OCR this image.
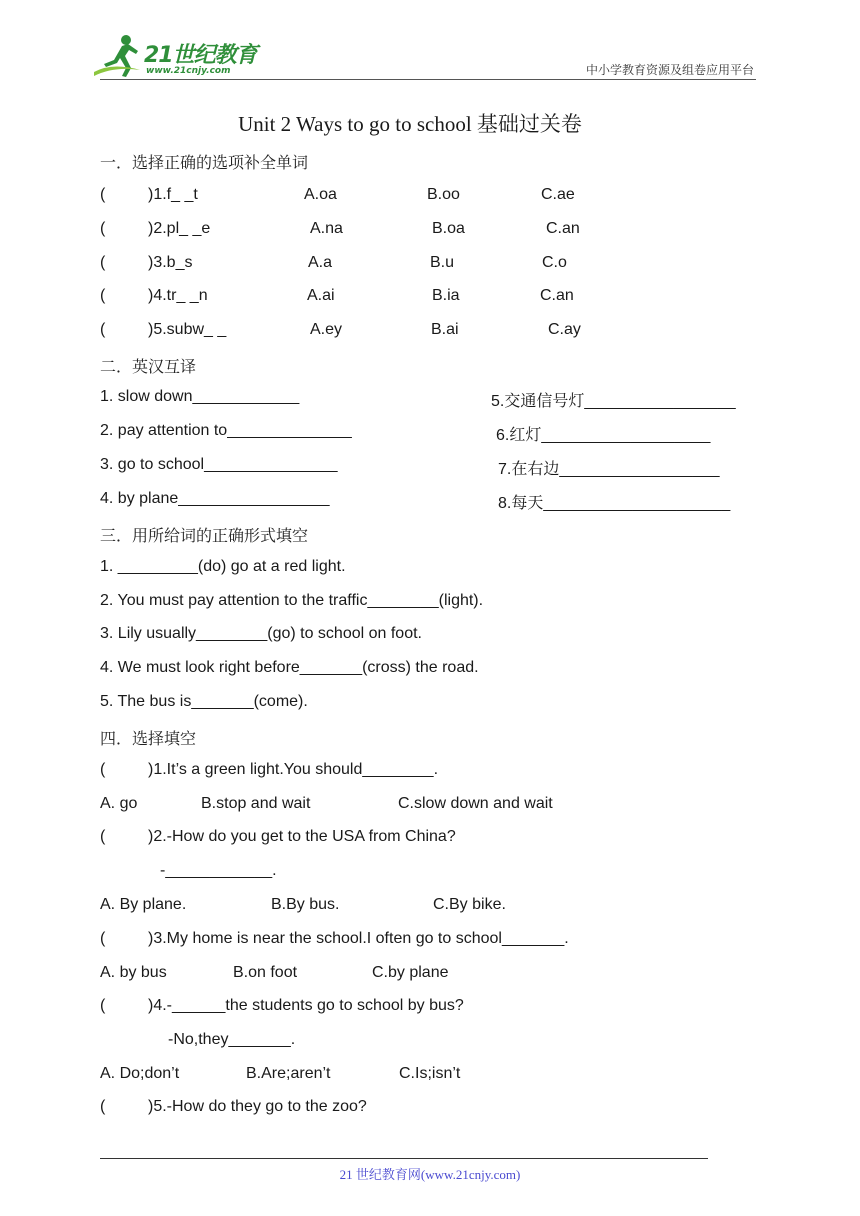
21世纪教育
www.21cnjy.com	中小学教育资源及组卷应用平台
Unit 2 Ways to go to school 基础过关卷
一．选择正确的选项补全单词
(	)1.f_ _t	A.oa	B.oo	C.ae
(	)2.pl_ _e	A.na	B.oa	C.an
(	)3.b_s	A.a	B.u	C.o
(	)4.tr_ _n	A.ai	B.ia	C.an
(	)5.subw_ _	A.ey	B.ai	C.ay
二．英汉互译
1. slow down____________
2. pay attention to______________
3. go to school_______________
4. by plane_________________
5.交通信号灯_________________
6.红灯___________________
7.在右边__________________
8.每天_____________________
三．用所给词的正确形式填空
1. _________(do) go at a red light.
2. You must pay attention to the traffic________(light).
3. Lily usually________(go) to school on foot.
4. We must look right before_______(cross) the road.
5. The bus is_______(come).
四．选择填空
(	)1.It’s a green light.You should________.
A. go	B.stop and wait	C.slow down and wait
(	)2.-How do you get to the USA from China?
-____________.
A. By plane.	B.By bus.	C.By bike.
(	)3.My home is near the school.I often go to school_______.
A. by bus	B.on foot	C.by plane
(	)4.-______the students go to school by bus?
-No,they_______.
A. Do;don’t	B.Are;aren’t	C.Is;isn’t
(	)5.-How do they go to the zoo?
21 世纪教育网(www.21cnjy.com)
